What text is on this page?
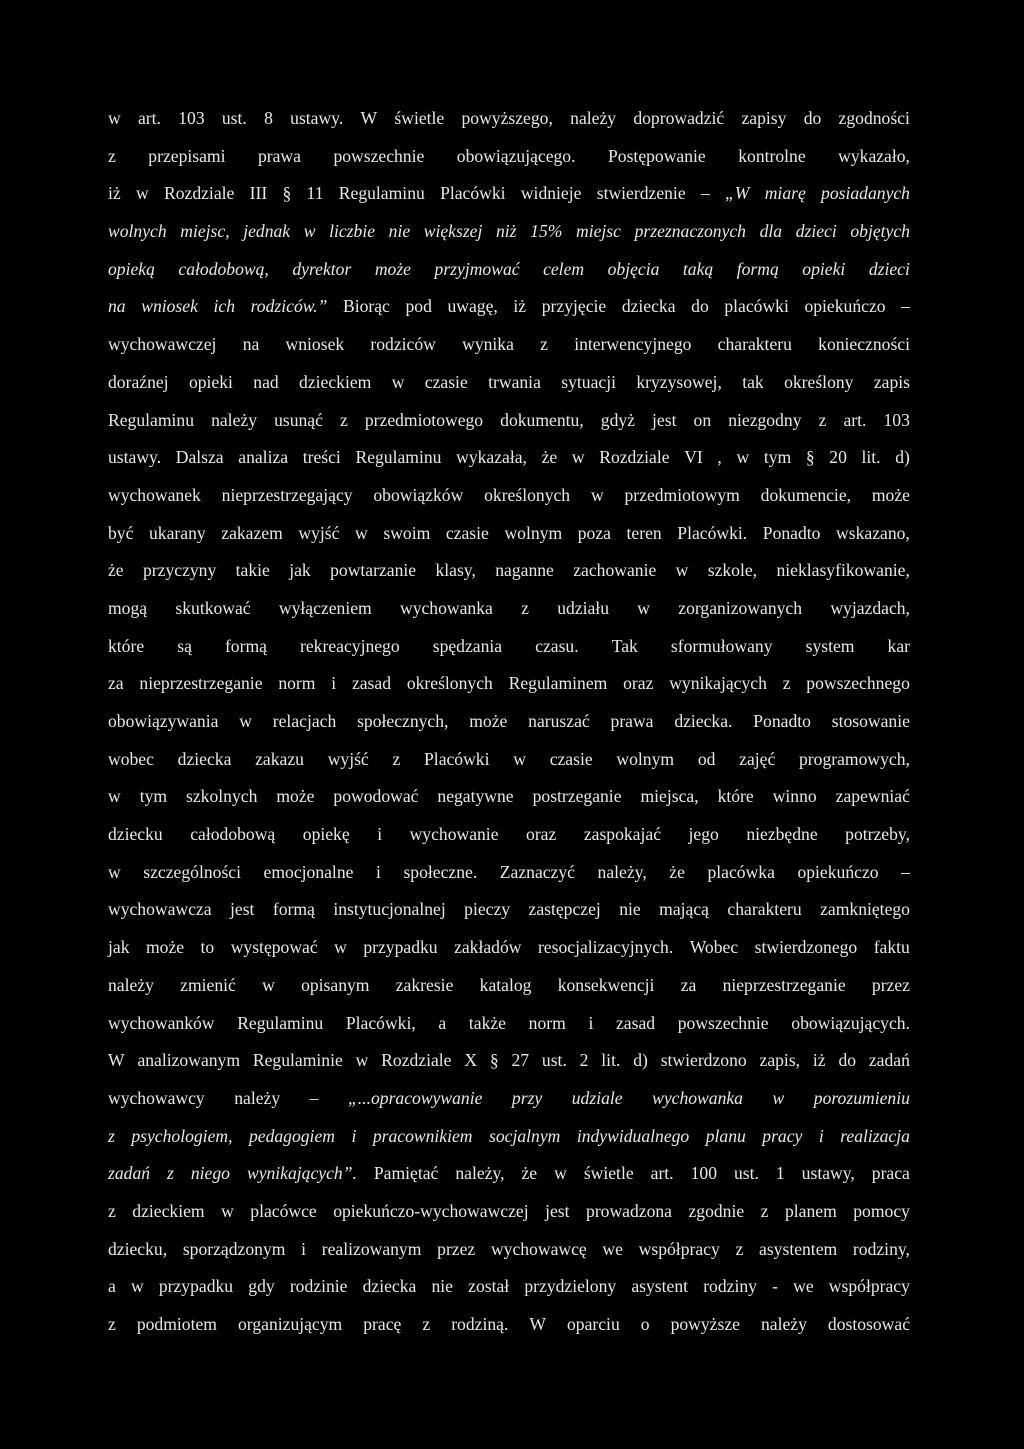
w art. 103 ust. 8 ustawy. W świetle powyższego, należy doprowadzić zapisy do zgodności
z przepisami prawa powszechnie obowiązującego. Postępowanie kontrolne wykazało,
iż w Rozdziale III § 11 Regulaminu Placówki widnieje stwierdzenie – „W miarę posiadanych
wolnych miejsc, jednak w liczbie nie większej niż 15% miejsc przeznaczonych dla dzieci objętych
opieką całodobową, dyrektor może przyjmować celem objęcia taką formą opieki dzieci
na wniosek ich rodziców.” Biorąc pod uwagę, iż przyjęcie dziecka do placówki opiekuńczo –
wychowawczej na wniosek rodziców wynika z interwencyjnego charakteru konieczności
doraźnej opieki nad dzieckiem w czasie trwania sytuacji kryzysowej, tak określony zapis
Regulaminu należy usunąć z przedmiotowego dokumentu, gdyż jest on niezgodny z art. 103
ustawy. Dalsza analiza treści Regulaminu wykazała, że w Rozdziale VI , w tym § 20 lit. d)
wychowanek nieprzestrzegający obowiązków określonych w przedmiotowym dokumencie, może
być ukarany zakazem wyjść w swoim czasie wolnym poza teren Placówki. Ponadto wskazano,
że przyczyny takie jak powtarzanie klasy, naganne zachowanie w szkole, nieklasyfikowanie,
mogą skutkować wyłączeniem wychowanka z udziału w zorganizowanych wyjazdach,
które są formą rekreacyjnego spędzania czasu. Tak sformułowany system kar
za nieprzestrzeganie norm i zasad określonych Regulaminem oraz wynikających z powszechnego
obowiązywania w relacjach społecznych, może naruszać prawa dziecka. Ponadto stosowanie
wobec dziecka zakazu wyjść z Placówki w czasie wolnym od zajęć programowych,
w tym szkolnych może powodować negatywne postrzeganie miejsca, które winno zapewniać
dziecku całodobową opiekę i wychowanie oraz zaspokajać jego niezbędne potrzeby,
w szczególności emocjonalne i społeczne. Zaznaczyć należy, że placówka opiekuńczo –
wychowawcza jest formą instytucjonalnej pieczy zastępczej nie mającą charakteru zamkniętego
jak może to występować w przypadku zakładów resocjalizacyjnych. Wobec stwierdzonego faktu
należy zmienić w opisanym zakresie katalog konsekwencji za nieprzestrzeganie przez
wychowanków Regulaminu Placówki, a także norm i zasad powszechnie obowiązujących.
W analizowanym Regulaminie w Rozdziale X § 27 ust. 2 lit. d) stwierdzono zapis, iż do zadań
wychowawcy należy – „...opracowywanie przy udziale wychowanka w porozumieniu
z psychologiem, pedagogiem i pracownikiem socjalnym indywidualnego planu pracy i realizacja
zadań z niego wynikających”. Pamiętać należy, że w świetle art. 100 ust. 1 ustawy, praca
z dzieckiem w placówce opiekuńczo-wychowawczej jest prowadzona zgodnie z planem pomocy
dziecku, sporządzonym i realizowanym przez wychowawcę we współpracy z asystentem rodziny,
a w przypadku gdy rodzinie dziecka nie został przydzielony asystent rodziny - we współpracy
z podmiotem organizującym pracę z rodziną. W oparciu o powyższe należy dostosować
